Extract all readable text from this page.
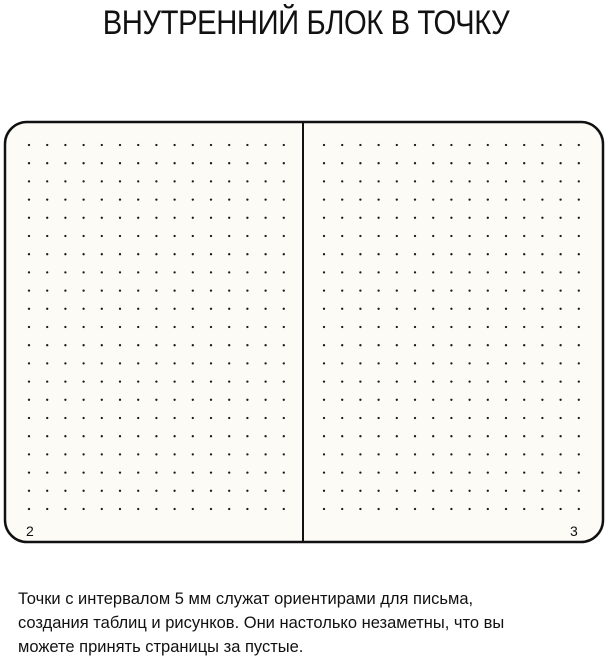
ВНУТРЕННИЙ БЛОК В ТОЧКУ
2	3
Точки с интервалом 5 мм служат ориентирами для письма,
создания таблиц и рисунков. Они настолько незаметны, что вы
можете принять страницы за пустые.
